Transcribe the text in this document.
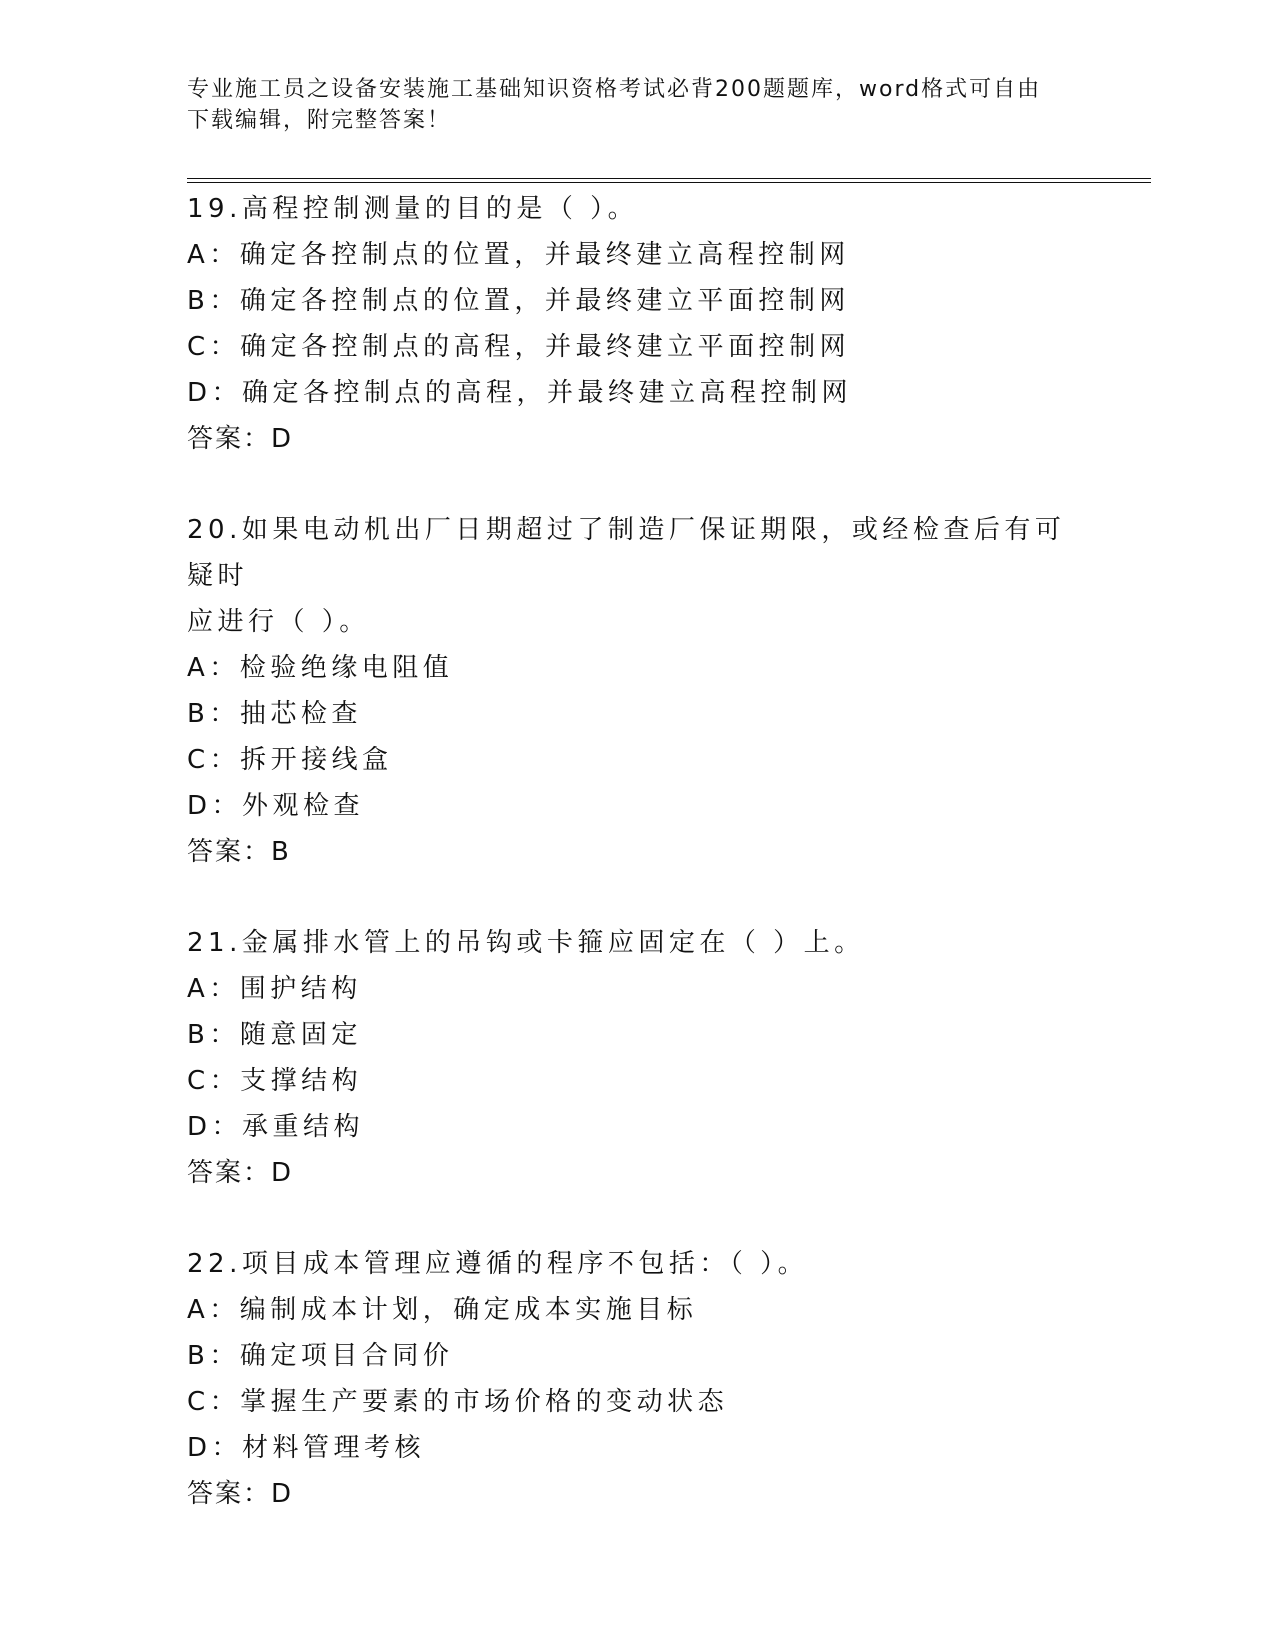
专业施工员之设备安装施工基础知识资格考试必背200题题库，word格式可自由
下载编辑，附完整答案！
19.高程控制测量的目的是（ ）。
A：确定各控制点的位置，并最终建立高程控制网
B：确定各控制点的位置，并最终建立平面控制网
C：确定各控制点的高程，并最终建立平面控制网
D：确定各控制点的高程，并最终建立高程控制网
答案：D
20.如果电动机出厂日期超过了制造厂保证期限，或经检查后有可疑时
应进行（ ）。
A：检验绝缘电阻值
B：抽芯检查
C：拆开接线盒
D：外观检查
答案：B
21.金属排水管上的吊钩或卡箍应固定在（ ）上。
A：围护结构
B：随意固定
C：支撑结构
D：承重结构
答案：D
22.项目成本管理应遵循的程序不包括：（ ）。
A：编制成本计划，确定成本实施目标
B：确定项目合同价
C：掌握生产要素的市场价格的变动状态
D：材料管理考核
答案：D
